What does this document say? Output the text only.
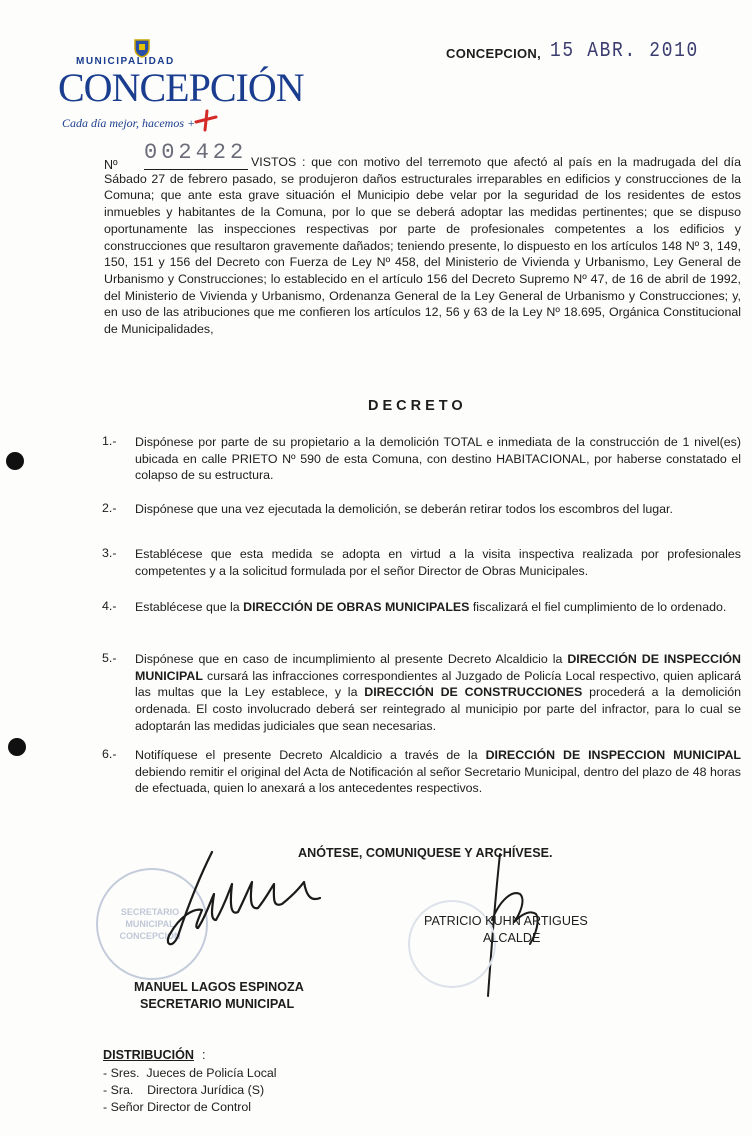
MUNICIPALIDAD
CONCEPCIÓN
Cada día mejor, hacemos +
CONCEPCION, 15 ABR. 2010
Nº 002422 VISTOS : que con motivo del terremoto que afectó al país en la madrugada del día Sábado 27 de febrero pasado, se produjeron daños estructurales irreparables en edificios y construcciones de la Comuna; que ante esta grave situación el Municipio debe velar por la seguridad de los residentes de estos inmuebles y habitantes de la Comuna, por lo que se deberá adoptar las medidas pertinentes; que se dispuso oportunamente las inspecciones respectivas por parte de profesionales competentes a los edificios y construcciones que resultaron gravemente dañados; teniendo presente, lo dispuesto en los artículos 148 Nº 3, 149, 150, 151 y 156 del Decreto con Fuerza de Ley Nº 458, del Ministerio de Vivienda y Urbanismo, Ley General de Urbanismo y Construcciones; lo establecido en el artículo 156 del Decreto Supremo Nº 47, de 16 de abril de 1992, del Ministerio de Vivienda y Urbanismo, Ordenanza General de la Ley General de Urbanismo y Construcciones; y, en uso de las atribuciones que me confieren los artículos 12, 56 y 63 de la Ley Nº 18.695, Orgánica Constitucional de Municipalidades,
DECRETO
1.- Dispónese por parte de su propietario a la demolición TOTAL e inmediata de la construcción de 1 nivel(es) ubicada en calle PRIETO Nº 590 de esta Comuna, con destino HABITACIONAL, por haberse constatado el colapso de su estructura.
2.- Dispónese que una vez ejecutada la demolición, se deberán retirar todos los escombros del lugar.
3.- Establécese que esta medida se adopta en virtud a la visita inspectiva realizada por profesionales competentes y a la solicitud formulada por el señor Director de Obras Municipales.
4.- Establécese que la DIRECCIÓN DE OBRAS MUNICIPALES fiscalizará el fiel cumplimiento de lo ordenado.
5.- Dispónese que en caso de incumplimiento al presente Decreto Alcaldicio la DIRECCIÓN DE INSPECCIÓN MUNICIPAL cursará las infracciones correspondientes al Juzgado de Policía Local respectivo, quien aplicará las multas que la Ley establece, y la DIRECCIÓN DE CONSTRUCCIONES procederá a la demolición ordenada. El costo involucrado deberá ser reintegrado al municipio por parte del infractor, para lo cual se adoptarán las medidas judiciales que sean necesarias.
6.- Notifíquese el presente Decreto Alcaldicio a través de la DIRECCIÓN DE INSPECCION MUNICIPAL debiendo remitir el original del Acta de Notificación al señor Secretario Municipal, dentro del plazo de 48 horas de efectuada, quien lo anexará a los antecedentes respectivos.
ANÓTESE, COMUNIQUESE Y ARCHÍVESE.
SECRETARIO MUNICIPAL CONCEPCION
MANUEL LAGOS ESPINOZA
SECRETARIO MUNICIPAL
PATRICIO KUHN ARTIGUES
ALCALDE
DISTRIBUCIÓN :
- Sres.  Jueces de Policía Local
- Sra.    Directora Jurídica (S)
- Señor Director de Control
